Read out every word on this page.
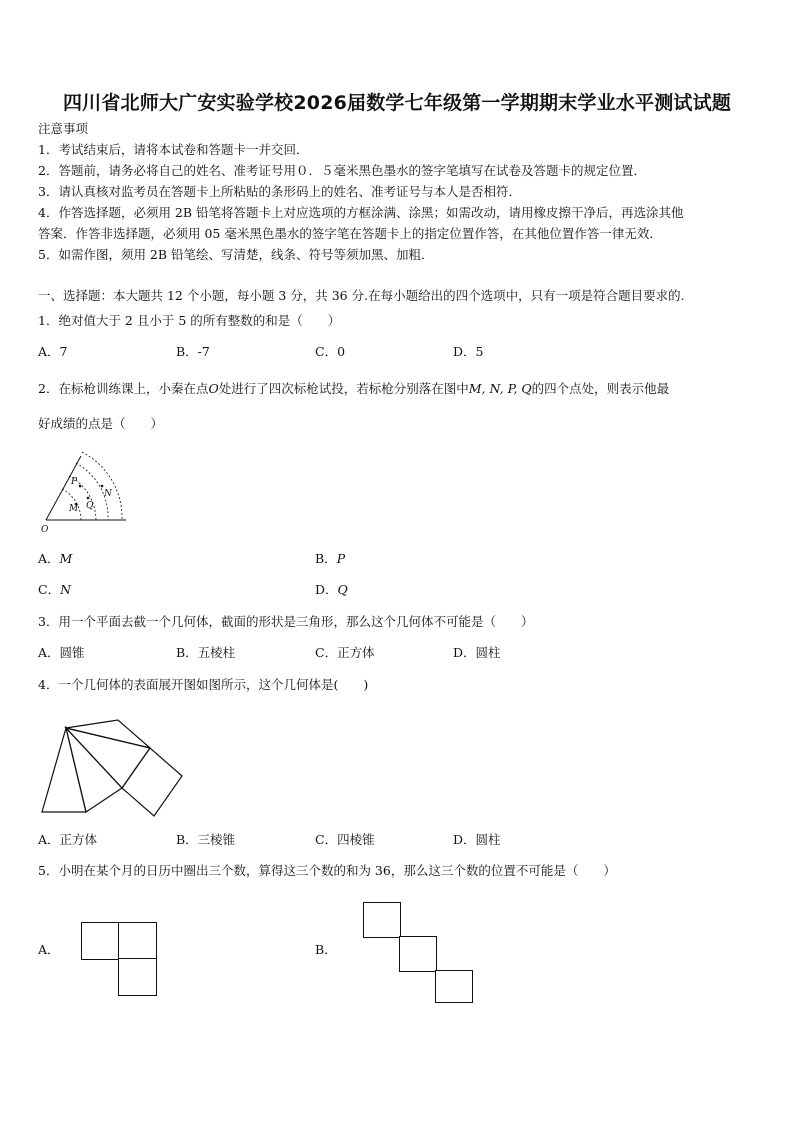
四川省北师大广安实验学校2026届数学七年级第一学期期末学业水平测试试题
注意事项
1．考试结束后，请将本试卷和答题卡一并交回．
2．答题前，请务必将自己的姓名、准考证号用０．５毫米黑色墨水的签字笔填写在试卷及答题卡的规定位置．
3．请认真核对监考员在答题卡上所粘贴的条形码上的姓名、准考证号与本人是否相符．
4．作答选择题，必须用 2B 铅笔将答题卡上对应选项的方框涂满、涂黑；如需改动，请用橡皮擦干净后，再选涂其他
答案．作答非选择题，必须用 05 毫米黑色墨水的签字笔在答题卡上的指定位置作答，在其他位置作答一律无效．
5．如需作图，须用 2B 铅笔绘、写清楚，线条、符号等须加黑、加粗．
一、选择题：本大题共 12 个小题，每小题 3 分，共 36 分.在每小题给出的四个选项中，只有一项是符合题目要求的.
1．绝对值大于 2 且小于 5 的所有整数的和是（　　）
A．7	B．-7	C．0	D．5
2．在标枪训练课上，小秦在点O处进行了四次标枪试投，若标枪分别落在图中M, N, P, Q的四个点处，则表示他最
好成绩的点是（　　）
O
P
M Q
N
A．M	B．P
C．N	D．Q
3．用一个平面去截一个几何体，截面的形状是三角形，那么这个几何体不可能是（　　）
A．圆锥	B．五棱柱	C．正方体	D．圆柱
4．一个几何体的表面展开图如图所示，这个几何体是(　　)
A．正方体	B．三棱锥	C．四棱锥	D．圆柱
5．小明在某个月的日历中圈出三个数，算得这三个数的和为 36，那么这三个数的位置不可能是（　　）
A．	B．
